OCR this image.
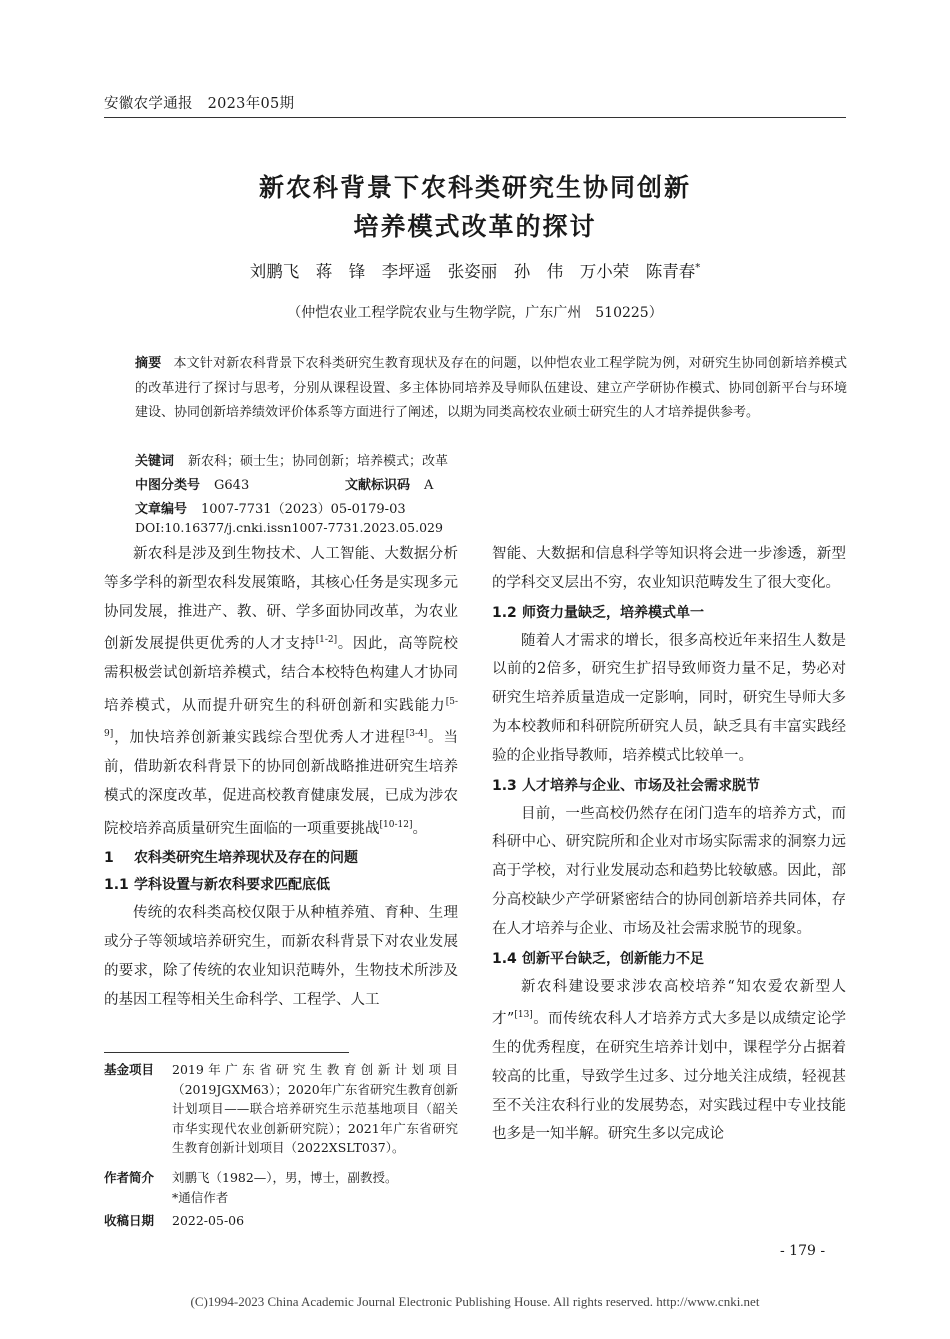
安徽农学通报　2023年05期
新农科背景下农科类研究生协同创新
培养模式改革的探讨
刘鹏飞　蒋　锋　李坪遥　张姿丽　孙　伟　万小荣　陈青春*
（仲恺农业工程学院农业与生物学院，广东广州　510225）
摘要 本文针对新农科背景下农科类研究生教育现状及存在的问题，以仲恺农业工程学院为例，对研究生协同创新培养模式的改革进行了探讨与思考，分别从课程设置、多主体协同培养及导师队伍建设、建立产学研协作模式、协同创新平台与环境建设、协同创新培养绩效评价体系等方面进行了阐述，以期为同类高校农业硕士研究生的人才培养提供参考。
关键词 新农科；硕士生；协同创新；培养模式；改革
中图分类号 G643	文献标识码 A
文章编号 1007-7731（2023）05-0179-03
DOI:10.16377/j.cnki.issn1007-7731.2023.05.029

新农科是涉及到生物技术、人工智能、大数据分析等多学科的新型农科发展策略，其核心任务是实现多元协同发展，推进产、教、研、学多面协同改革，为农业创新发展提供更优秀的人才支持[1-2]。因此，高等院校需积极尝试创新培养模式，结合本校特色构建人才协同培养模式，从而提升研究生的科研创新和实践能力[5-9]，加快培养创新兼实践综合型优秀人才进程[3-4]。当前，借助新农科背景下的协同创新战略推进研究生培养模式的深度改革，促进高校教育健康发展，已成为涉农院校培养高质量研究生面临的一项重要挑战[10-12]。

1 农科类研究生培养现状及存在的问题
1.1 学科设置与新农科要求匹配底低

传统的农科类高校仅限于从种植养殖、育种、生理或分子等领域培养研究生，而新农科背景下对农业发展的要求，除了传统的农业知识范畴外，生物技术所涉及的基因工程等相关生命科学、工程学、人工

智能、大数据和信息科学等知识将会进一步渗透，新型的学科交叉层出不穷，农业知识范畴发生了很大变化。

1.2 师资力量缺乏，培养模式单一

随着人才需求的增长，很多高校近年来招生人数是以前的2倍多，研究生扩招导致师资力量不足，势必对研究生培养质量造成一定影响，同时，研究生导师大多为本校教师和科研院所研究人员，缺乏具有丰富实践经验的企业指导教师，培养模式比较单一。

1.3 人才培养与企业、市场及社会需求脱节

目前，一些高校仍然存在闭门造车的培养方式，而科研中心、研究院所和企业对市场实际需求的洞察力远高于学校，对行业发展动态和趋势比较敏感。因此，部分高校缺少产学研紧密结合的协同创新培养共同体，存在人才培养与企业、市场及社会需求脱节的现象。

1.4 创新平台缺乏，创新能力不足

新农科建设要求涉农高校培养“知农爱农新型人才”[13]。而传统农科人才培养方式大多是以成绩定论学生的优秀程度，在研究生培养计划中，课程学分占据着较高的比重，导致学生过多、过分地关注成绩，轻视甚至不关注农科行业的发展势态，对实践过程中专业技能也多是一知半解。研究生多以完成论

基金项目 2019年广东省研究生教育创新计划项目（2019JGXM63）；2020年广东省研究生教育创新计划项目——联合培养研究生示范基地项目（韶关市华实现代农业创新研究院）；2021年广东省研究生教育创新计划项目（2022XSLT037）。
作者简介 刘鹏飞（1982—），男，博士，副教授。
*通信作者
收稿日期 2022-05-06
- 179 -
(C)1994-2023 China Academic Journal Electronic Publishing House. All rights reserved. http://www.cnki.net
